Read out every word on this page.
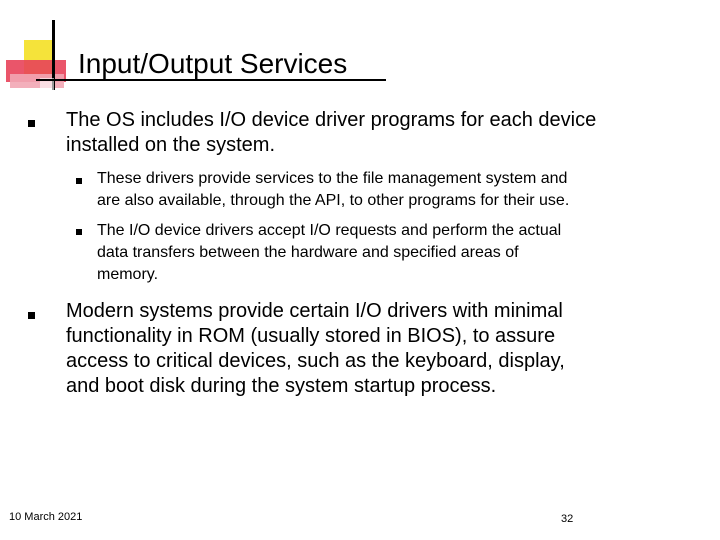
Input/Output Services
The OS includes I/O device driver programs for each device
installed on the system.
These drivers provide services to the file management system and
are also available, through the API, to other programs for their use.
The I/O device drivers accept I/O requests and perform the actual
data transfers between the hardware and specified areas of
memory.
Modern systems provide certain I/O drivers with minimal
functionality in ROM (usually stored in BIOS), to assure
access to critical devices, such as the keyboard, display,
and boot disk during the system startup process.
10 March 2021	32
